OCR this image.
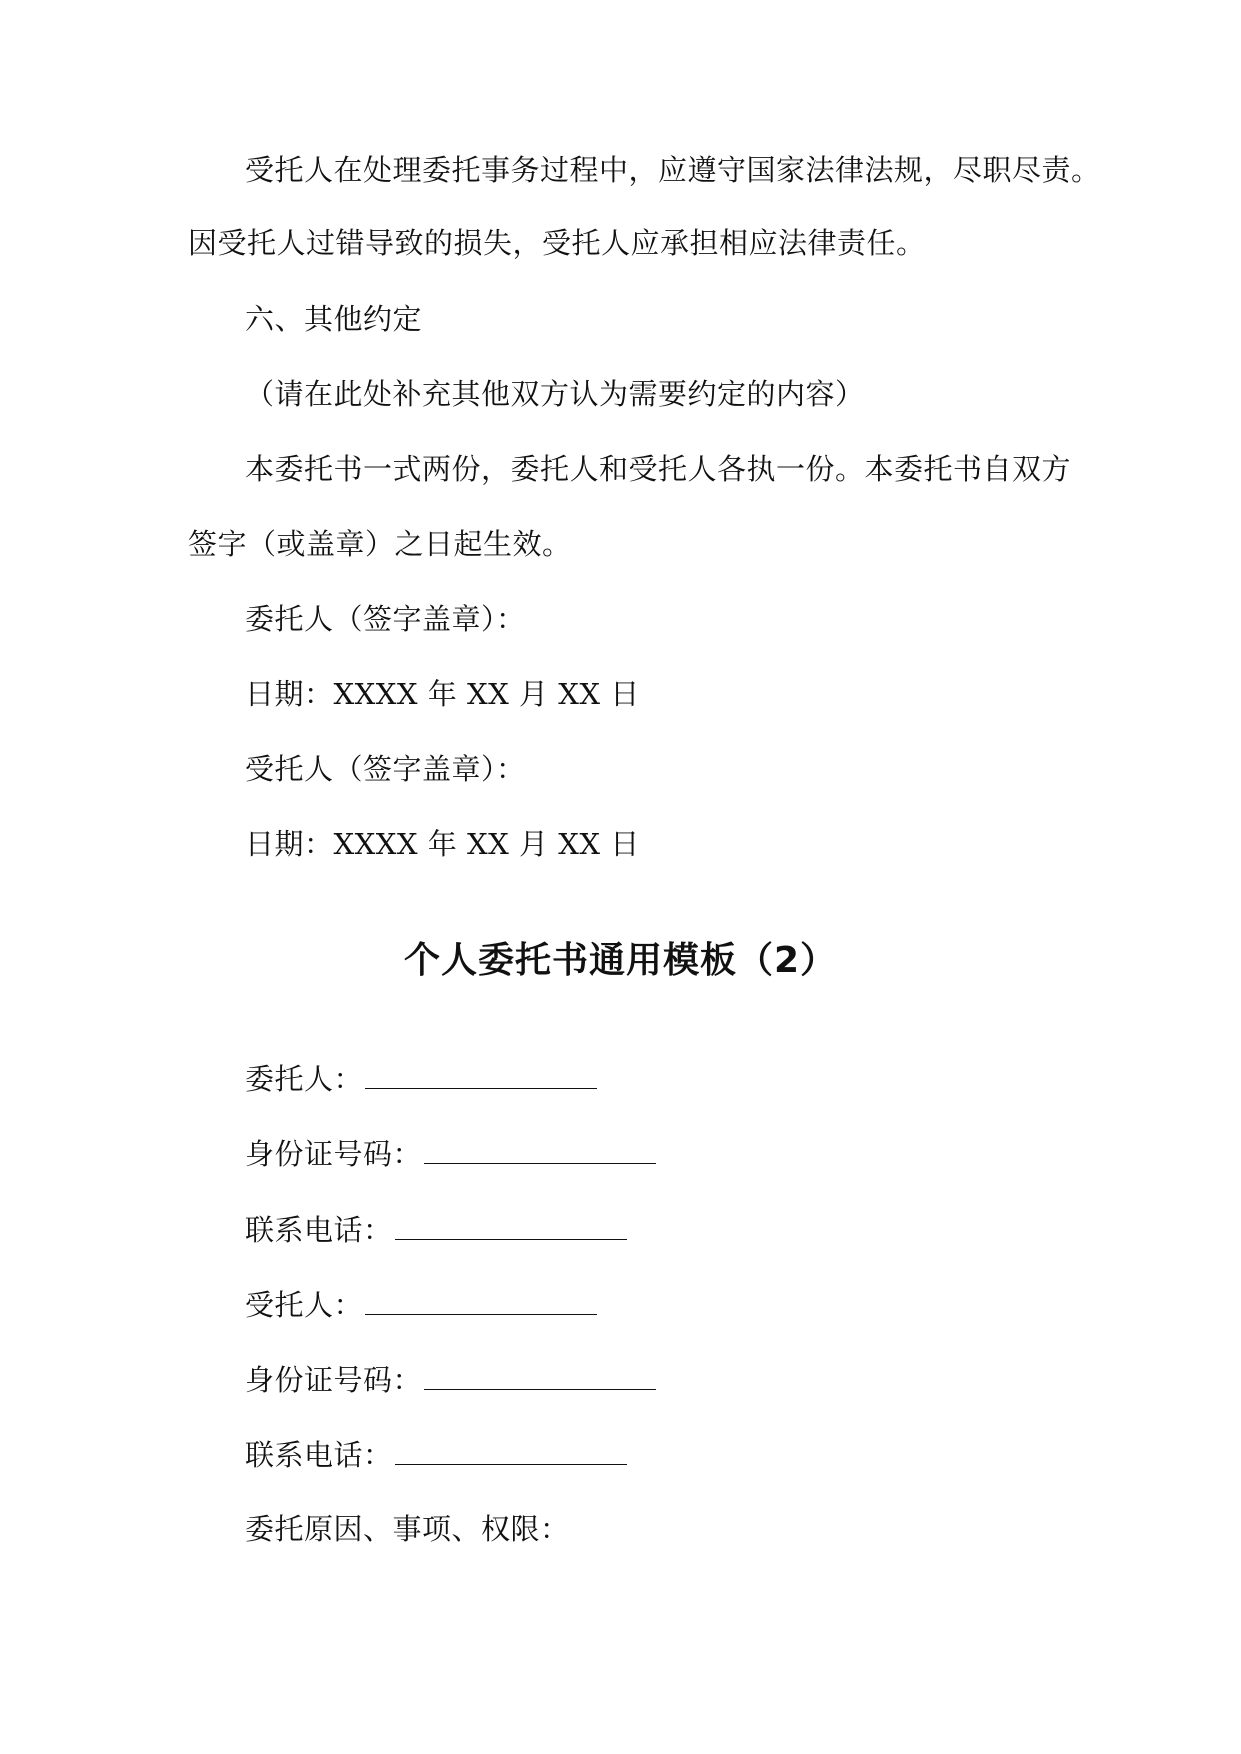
受托人在处理委托事务过程中，应遵守国家法律法规，尽职尽责。
因受托人过错导致的损失，受托人应承担相应法律责任。
六、其他约定
（请在此处补充其他双方认为需要约定的内容）
本委托书一式两份，委托人和受托人各执一份。本委托书自双方
签字（或盖章）之日起生效。
委托人（签字盖章）：
日期：XXXX 年 XX 月 XX 日
受托人（签字盖章）：
日期：XXXX 年 XX 月 XX 日
个人委托书通用模板（2）
委托人：
身份证号码：
联系电话：
受托人：
身份证号码：
联系电话：
委托原因、事项、权限：
